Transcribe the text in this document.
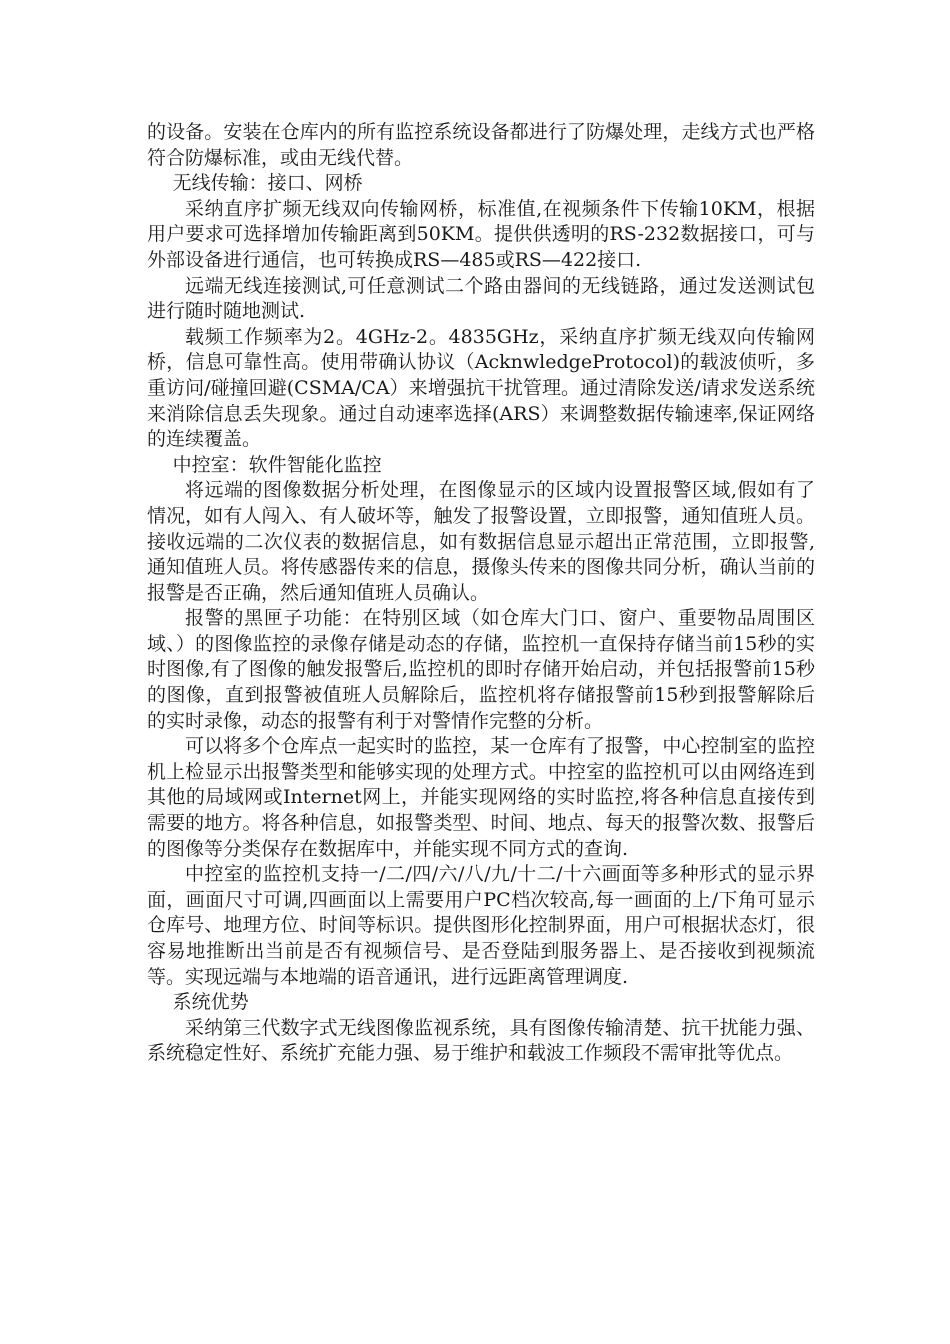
的设备。安装在仓库内的所有监控系统设备都进行了防爆处理，走线方式也严格符合防爆标准，或由无线代替。

无线传输：接口、网桥

采纳直序扩频无线双向传输网桥，标准值,在视频条件下传输10KM，根据用户要求可选择增加传输距离到50KM。提供供透明的RS-232数据接口，可与外部设备进行通信，也可转换成RS—485或RS—422接口.

远端无线连接测试,可任意测试二个路由器间的无线链路，通过发送测试包进行随时随地测试.

载频工作频率为2。4GHz-2。4835GHz，采纳直序扩频无线双向传输网桥，信息可靠性高。使用带确认协议（AcknwledgeProtocol)的载波侦听，多重访问/碰撞回避(CSMA/CA）来增强抗干扰管理。通过清除发送/请求发送系统来消除信息丢失现象。通过自动速率选择(ARS）来调整数据传输速率,保证网络的连续覆盖。

中控室：软件智能化监控

将远端的图像数据分析处理，在图像显示的区域内设置报警区域,假如有了情况，如有人闯入、有人破坏等，触发了报警设置，立即报警，通知值班人员。接收远端的二次仪表的数据信息，如有数据信息显示超出正常范围，立即报警,通知值班人员。将传感器传来的信息，摄像头传来的图像共同分析，确认当前的报警是否正确，然后通知值班人员确认。

报警的黑匣子功能：在特别区域（如仓库大门口、窗户、重要物品周围区域、）的图像监控的录像存储是动态的存储，监控机一直保持存储当前15秒的实时图像,有了图像的触发报警后,监控机的即时存储开始启动，并包括报警前15秒的图像，直到报警被值班人员解除后，监控机将存储报警前15秒到报警解除后的实时录像，动态的报警有利于对警情作完整的分析。

可以将多个仓库点一起实时的监控，某一仓库有了报警，中心控制室的监控机上检显示出报警类型和能够实现的处理方式。中控室的监控机可以由网络连到其他的局域网或Internet网上，并能实现网络的实时监控,将各种信息直接传到需要的地方。将各种信息，如报警类型、时间、地点、每天的报警次数、报警后的图像等分类保存在数据库中，并能实现不同方式的查询.

中控室的监控机支持一/二/四/六/八/九/十二/十六画面等多种形式的显示界面，画面尺寸可调,四画面以上需要用户PC档次较高,每一画面的上/下角可显示仓库号、地理方位、时间等标识。提供图形化控制界面，用户可根据状态灯，很容易地推断出当前是否有视频信号、是否登陆到服务器上、是否接收到视频流等。实现远端与本地端的语音通讯，进行远距离管理调度.

系统优势

采纳第三代数字式无线图像监视系统，具有图像传输清楚、抗干扰能力强、系统稳定性好、系统扩充能力强、易于维护和载波工作频段不需审批等优点。
